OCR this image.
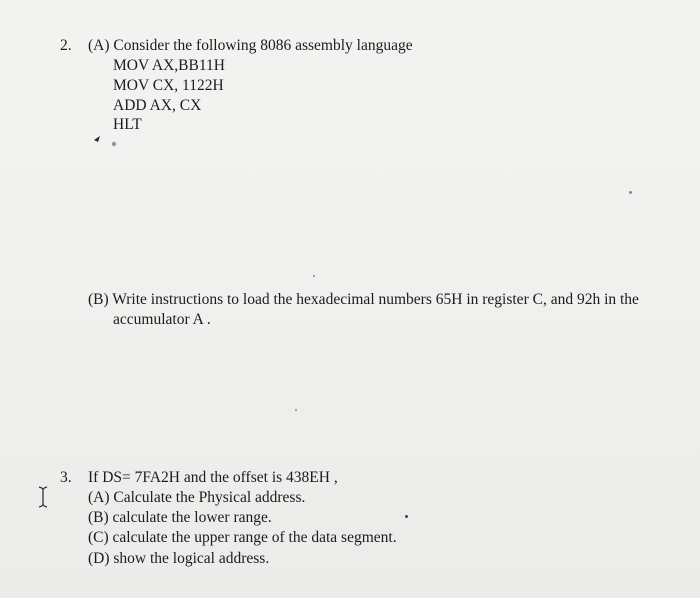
2. (A) Consider the following 8086 assembly language
MOV AX,BB11H
MOV CX, 1122H
ADD AX, CX
HLT
(B) Write instructions to load the hexadecimal numbers 65H in register C, and 92h in the
accumulator A .
3. If DS= 7FA2H and the offset is 438EH ,
(A) Calculate the Physical address.
(B) calculate the lower range.
(C) calculate the upper range of the data segment.
(D) show the logical address.
